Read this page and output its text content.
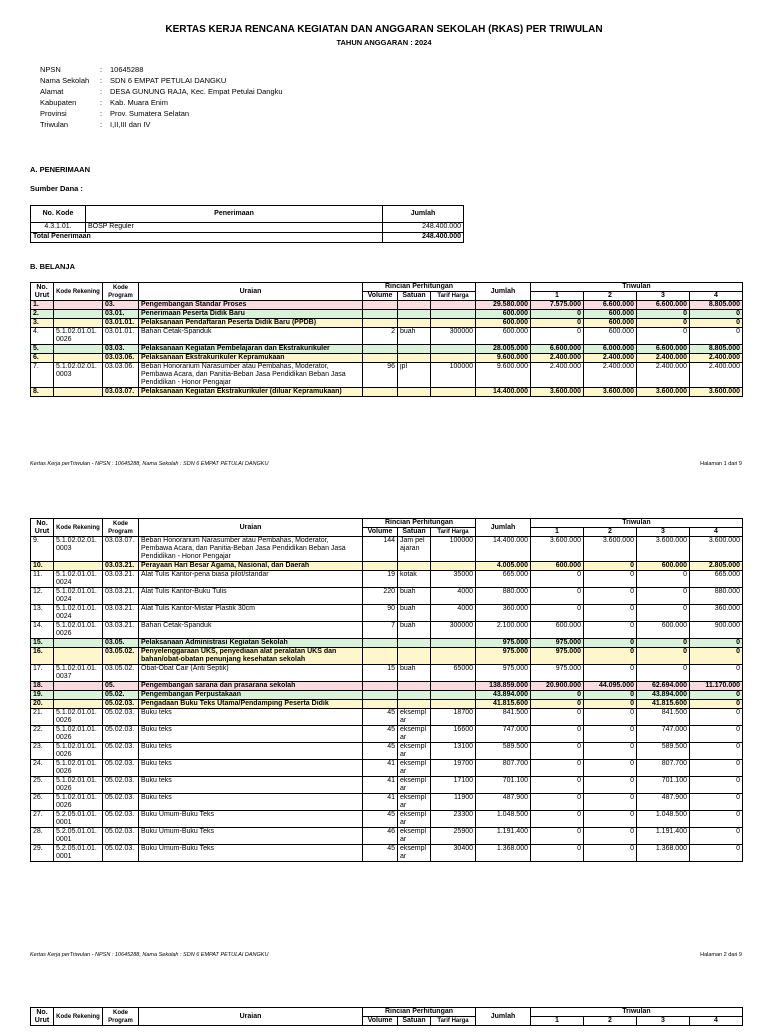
KERTAS KERJA RENCANA KEGIATAN DAN ANGGARAN SEKOLAH (RKAS) PER TRIWULAN
TAHUN ANGGARAN : 2024
NPSN	:	10645288
Nama Sekolah	:	SDN 6 EMPAT PETULAI DANGKU
Alamat	:	DESA GUNUNG RAJA, Kec. Empat Petulai Dangku
Kabupaten	:	Kab. Muara Enim
Provinsi	:	Prov. Sumatera Selatan
Triwulan	:	I,II,III dan IV
A. PENERIMAAN
Sumber Dana :
No. Kode	Penerimaan	Jumlah
4.3.1.01.	BOSP Reguler	248.400.000
Total Penerimaan		248.400.000
B. BELANJA
No. Urut	Kode Rekening	Kode Program	Uraian	Rincian Perhitungan			Jumlah	Triwulan			
				Volume	Satuan	Tarif Harga		1	2	3	4
1.		03.	Pengembangan Standar Proses				29.580.000	7.575.000	6.600.000	6.600.000	8.805.000
2.		03.01.	Penerimaan Peserta Didik Baru				600.000	0	600.000	0	0
3.		03.01.01.	Pelaksanaan Pendaftaran Peserta Didik Baru (PPDB)				600.000	0	600.000	0	0
4.	5.1.02.01.01.0026	03.01.01.	Bahan Cetak-Spanduk	2	buah	300000	600.000	0	600.000	0	0
5.		03.03.	Pelaksanaan Kegiatan Pembelajaran dan Ekstrakurikuler				28.005.000	6.600.000	6.000.000	6.600.000	8.805.000
6.		03.03.06.	Pelaksanaan Ekstrakurikuler Kepramukaan				9.600.000	2.400.000	2.400.000	2.400.000	2.400.000
7.	5.1.02.02.01.0003	03.03.06.	Beban Honorarium Narasumber atau Pembahas, Moderator, Pembawa Acara, dan Panitia-Beban Jasa Pendidikan Beban Jasa Pendidikan - Honor Pengajar	96	jpl	100000	9.600.000	2.400.000	2.400.000	2.400.000	2.400.000
8.		03.03.07.	Pelaksanaan Kegiatan Ekstrakurikuler (diluar Kepramukaan)				14.400.000	3.600.000	3.600.000	3.600.000	3.600.000
Kertas Kerja perTriwulan - NPSN : 10645288, Nama Sekolah : SDN 6 EMPAT PETULAI DANGKU	Halaman 1 dari 9
No. Urut	Kode Rekening	Kode Program	Uraian	Rincian Perhitungan			Jumlah	Triwulan			
				Volume	Satuan	Tarif Harga		1	2	3	4
9.	5.1.02.02.01.0003	03.03.07.	Beban Honorarium Narasumber atau Pembahas, Moderator, Pembawa Acara, dan Panitia-Beban Jasa Pendidikan Beban Jasa Pendidikan - Honor Pengajar	144	Jam pelajaran	100000	14.400.000	3.600.000	3.600.000	3.600.000	3.600.000
10.		03.03.21.	Perayaan Hari Besar Agama, Nasional, dan Daerah				4.005.000	600.000	0	600.000	2.805.000
11.	5.1.02.01.01.0024	03.03.21.	Alat Tulis Kantor-pena biasa pilot/standar	19	kotak	35000	665.000	0	0	0	665.000
12.	5.1.02.01.01.0024	03.03.21.	Alat Tulis Kantor-Buku Tulis	220	buah	4000	880.000	0	0	0	880.000
13.	5.1.02.01.01.0024	03.03.21.	Alat Tulis Kantor-Mistar Plastik 30cm	90	buah	4000	360.000	0	0	0	360.000
14.	5.1.02.01.01.0026	03.03.21.	Bahan Cetak-Spanduk	7	buah	300000	2.100.000	600.000	0	600.000	900.000
15.		03.05.	Pelaksanaan Administrasi Kegiatan Sekolah				975.000	975.000	0	0	0
16.		03.05.02.	Penyelenggaraan UKS, penyediaan alat peralatan UKS dan bahan/obat-obatan penunjang kesehatan sekolah				975.000	975.000	0	0	0
17.	5.1.02.01.01.0037	03.05.02.	Obat-Obat Cair (Anti Septik)	15	buah	65000	975.000	975.000	0	0	0
18.		05.	Pengembangan sarana dan prasarana sekolah				138.859.000	20.900.000	44.095.000	62.694.000	11.170.000
19.		05.02.	Pengembangan Perpustakaan				43.894.000	0	0	43.894.000	0
20.		05.02.03.	Pengadaan Buku Teks Utama/Pendamping Peserta Didik				41.815.600	0	0	41.815.600	0
21.	5.1.02.01.01.0026	05.02.03.	Buku teks	45	eksemplar	18700	841.500	0	0	841.500	0
22.	5.1.02.01.01.0026	05.02.03.	Buku teks	45	eksemplar	16600	747.000	0	0	747.000	0
23.	5.1.02.01.01.0026	05.02.03.	Buku teks	45	eksemplar	13100	589.500	0	0	589.500	0
24.	5.1.02.01.01.0026	05.02.03.	Buku teks	41	eksemplar	19700	807.700	0	0	807.700	0
25.	5.1.02.01.01.0026	05.02.03.	Buku teks	41	eksemplar	17100	701.100	0	0	701.100	0
26.	5.1.02.01.01.0026	05.02.03.	Buku teks	41	eksemplar	11900	487.900	0	0	487.900	0
27.	5.2.05.01.01.0001	05.02.03.	Buku Umum-Buku Teks	45	eksemplar	23300	1.048.500	0	0	1.048.500	0
28.	5.2.05.01.01.0001	05.02.03.	Buku Umum-Buku Teks	46	eksemplar	25900	1.191.400	0	0	1.191.400	0
29.	5.2.05.01.01.0001	05.02.03.	Buku Umum-Buku Teks	45	eksemplar	30400	1.368.000	0	0	1.368.000	0
Kertas Kerja perTriwulan - NPSN : 10645288, Nama Sekolah : SDN 6 EMPAT PETULAI DANGKU	Halaman 2 dari 9
No. Urut	Kode Rekening	Kode Program	Uraian	Rincian Perhitungan			Jumlah	Triwulan			
				Volume	Satuan	Tarif Harga		1	2	3	4
